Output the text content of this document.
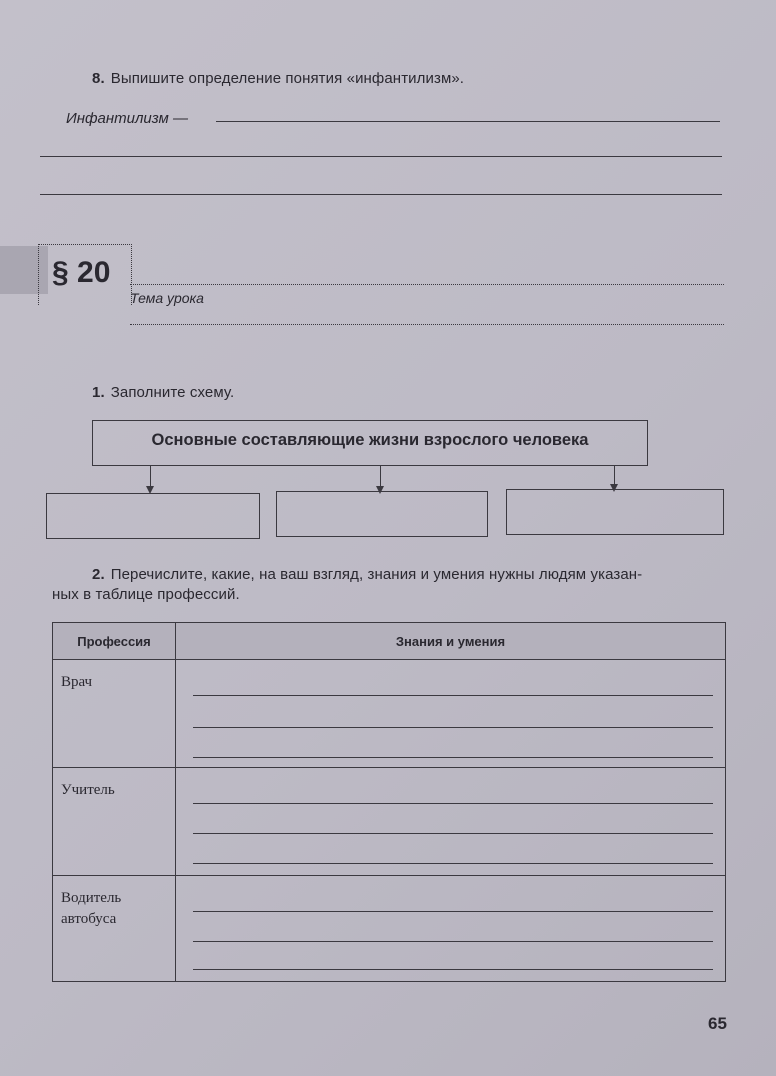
8. Выпишите определение понятия «инфантилизм».
Инфантилизм —
§ 20
Тема урока
1. Заполните схему.
Основные составляющие жизни взрослого человека
2. Перечислите, какие, на ваш взгляд, знания и умения нужны людям указан-
ных в таблице профессий.
Профессия	Знания и умения
Врач	

Учитель	

Водитель
автобуса	
65
